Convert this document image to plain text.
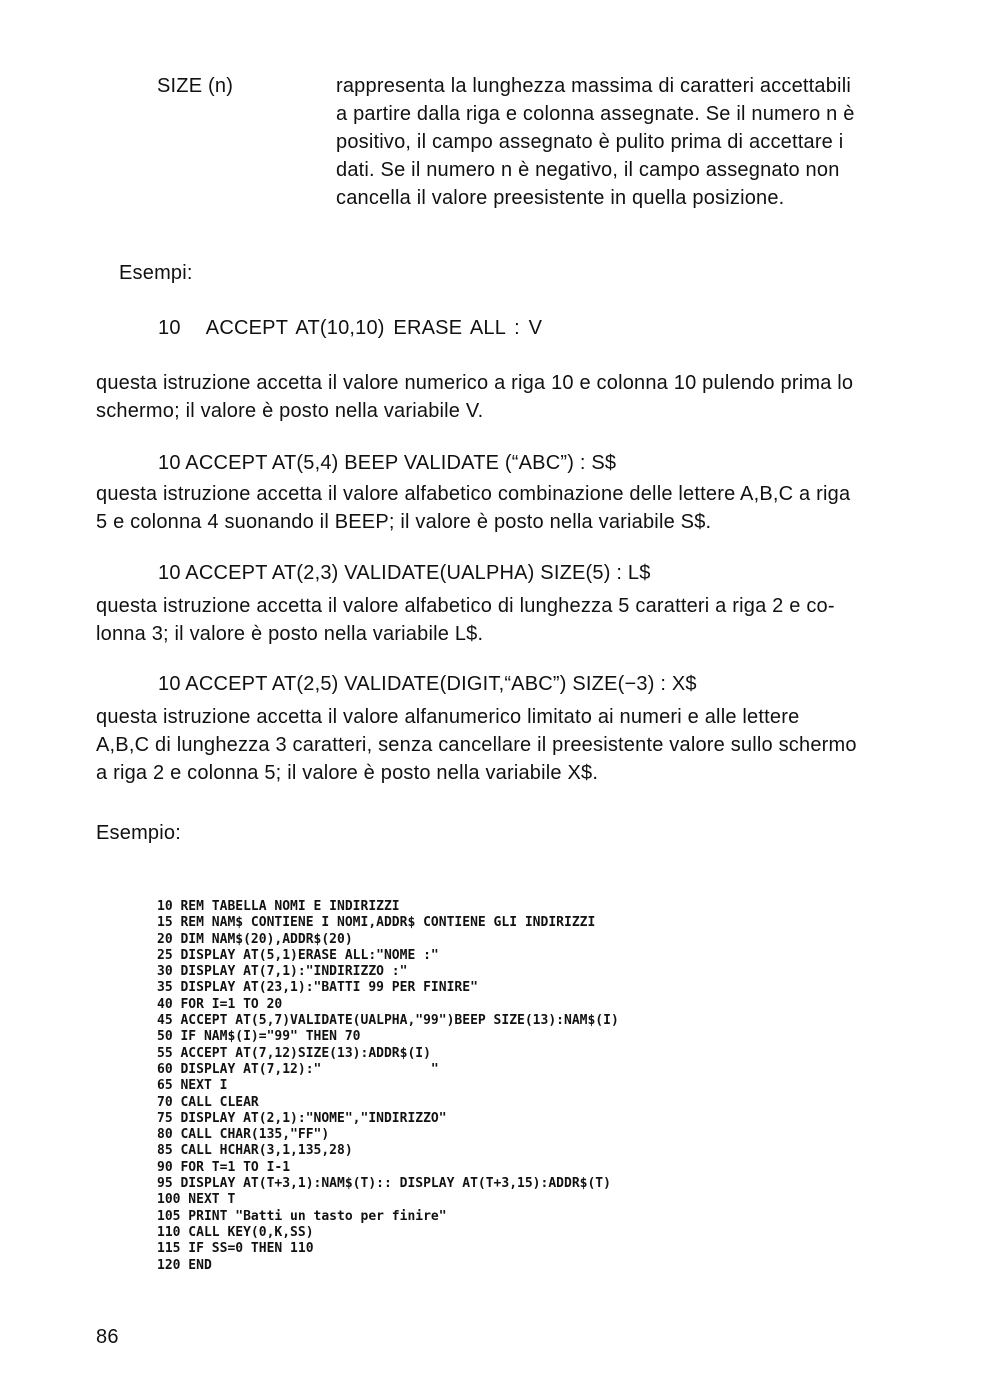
SIZE (n)	rappresenta la lunghezza massima di caratteri accettabili
a partire dalla riga e colonna assegnate. Se il numero n è
positivo, il campo assegnato è pulito prima di accettare i
dati. Se il numero n è negativo, il campo assegnato non
cancella il valore preesistente in quella posizione.
Esempi:
10   ACCEPT AT(10,10) ERASE ALL : V
questa istruzione accetta il valore numerico a riga 10 e colonna 10 pulendo prima lo
schermo; il valore è posto nella variabile V.
10 ACCEPT AT(5,4) BEEP VALIDATE (“ABC”) : S$
questa istruzione accetta il valore alfabetico combinazione delle lettere A,B,C a riga
5 e colonna 4 suonando il BEEP; il valore è posto nella variabile S$.
10 ACCEPT AT(2,3) VALIDATE(UALPHA) SIZE(5) : L$
questa istruzione accetta il valore alfabetico di lunghezza 5 caratteri a riga 2 e co-
lonna 3; il valore è posto nella variabile L$.
10 ACCEPT AT(2,5) VALIDATE(DIGIT,“ABC”) SIZE(−3) : X$
questa istruzione accetta il valore alfanumerico limitato ai numeri e alle lettere
A,B,C di lunghezza 3 caratteri, senza cancellare il preesistente valore sullo schermo
a riga 2 e colonna 5; il valore è posto nella variabile X$.
Esempio:
10 REM TABELLA NOMI E INDIRIZZI
15 REM NAM$ CONTIENE I NOMI,ADDR$ CONTIENE GLI INDIRIZZI
20 DIM NAM$(20),ADDR$(20)
25 DISPLAY AT(5,1)ERASE ALL:"NOME :"
30 DISPLAY AT(7,1):"INDIRIZZO :"
35 DISPLAY AT(23,1):"BATTI 99 PER FINIRE"
40 FOR I=1 TO 20
45 ACCEPT AT(5,7)VALIDATE(UALPHA,"99")BEEP SIZE(13):NAM$(I)
50 IF NAM$(I)="99" THEN 70
55 ACCEPT AT(7,12)SIZE(13):ADDR$(I)
60 DISPLAY AT(7,12):"              "
65 NEXT I
70 CALL CLEAR
75 DISPLAY AT(2,1):"NOME","INDIRIZZO"
80 CALL CHAR(135,"FF")
85 CALL HCHAR(3,1,135,28)
90 FOR T=1 TO I-1
95 DISPLAY AT(T+3,1):NAM$(T):: DISPLAY AT(T+3,15):ADDR$(T)
100 NEXT T
105 PRINT "Batti un tasto per finire"
110 CALL KEY(0,K,SS)
115 IF SS=0 THEN 110
120 END
86
